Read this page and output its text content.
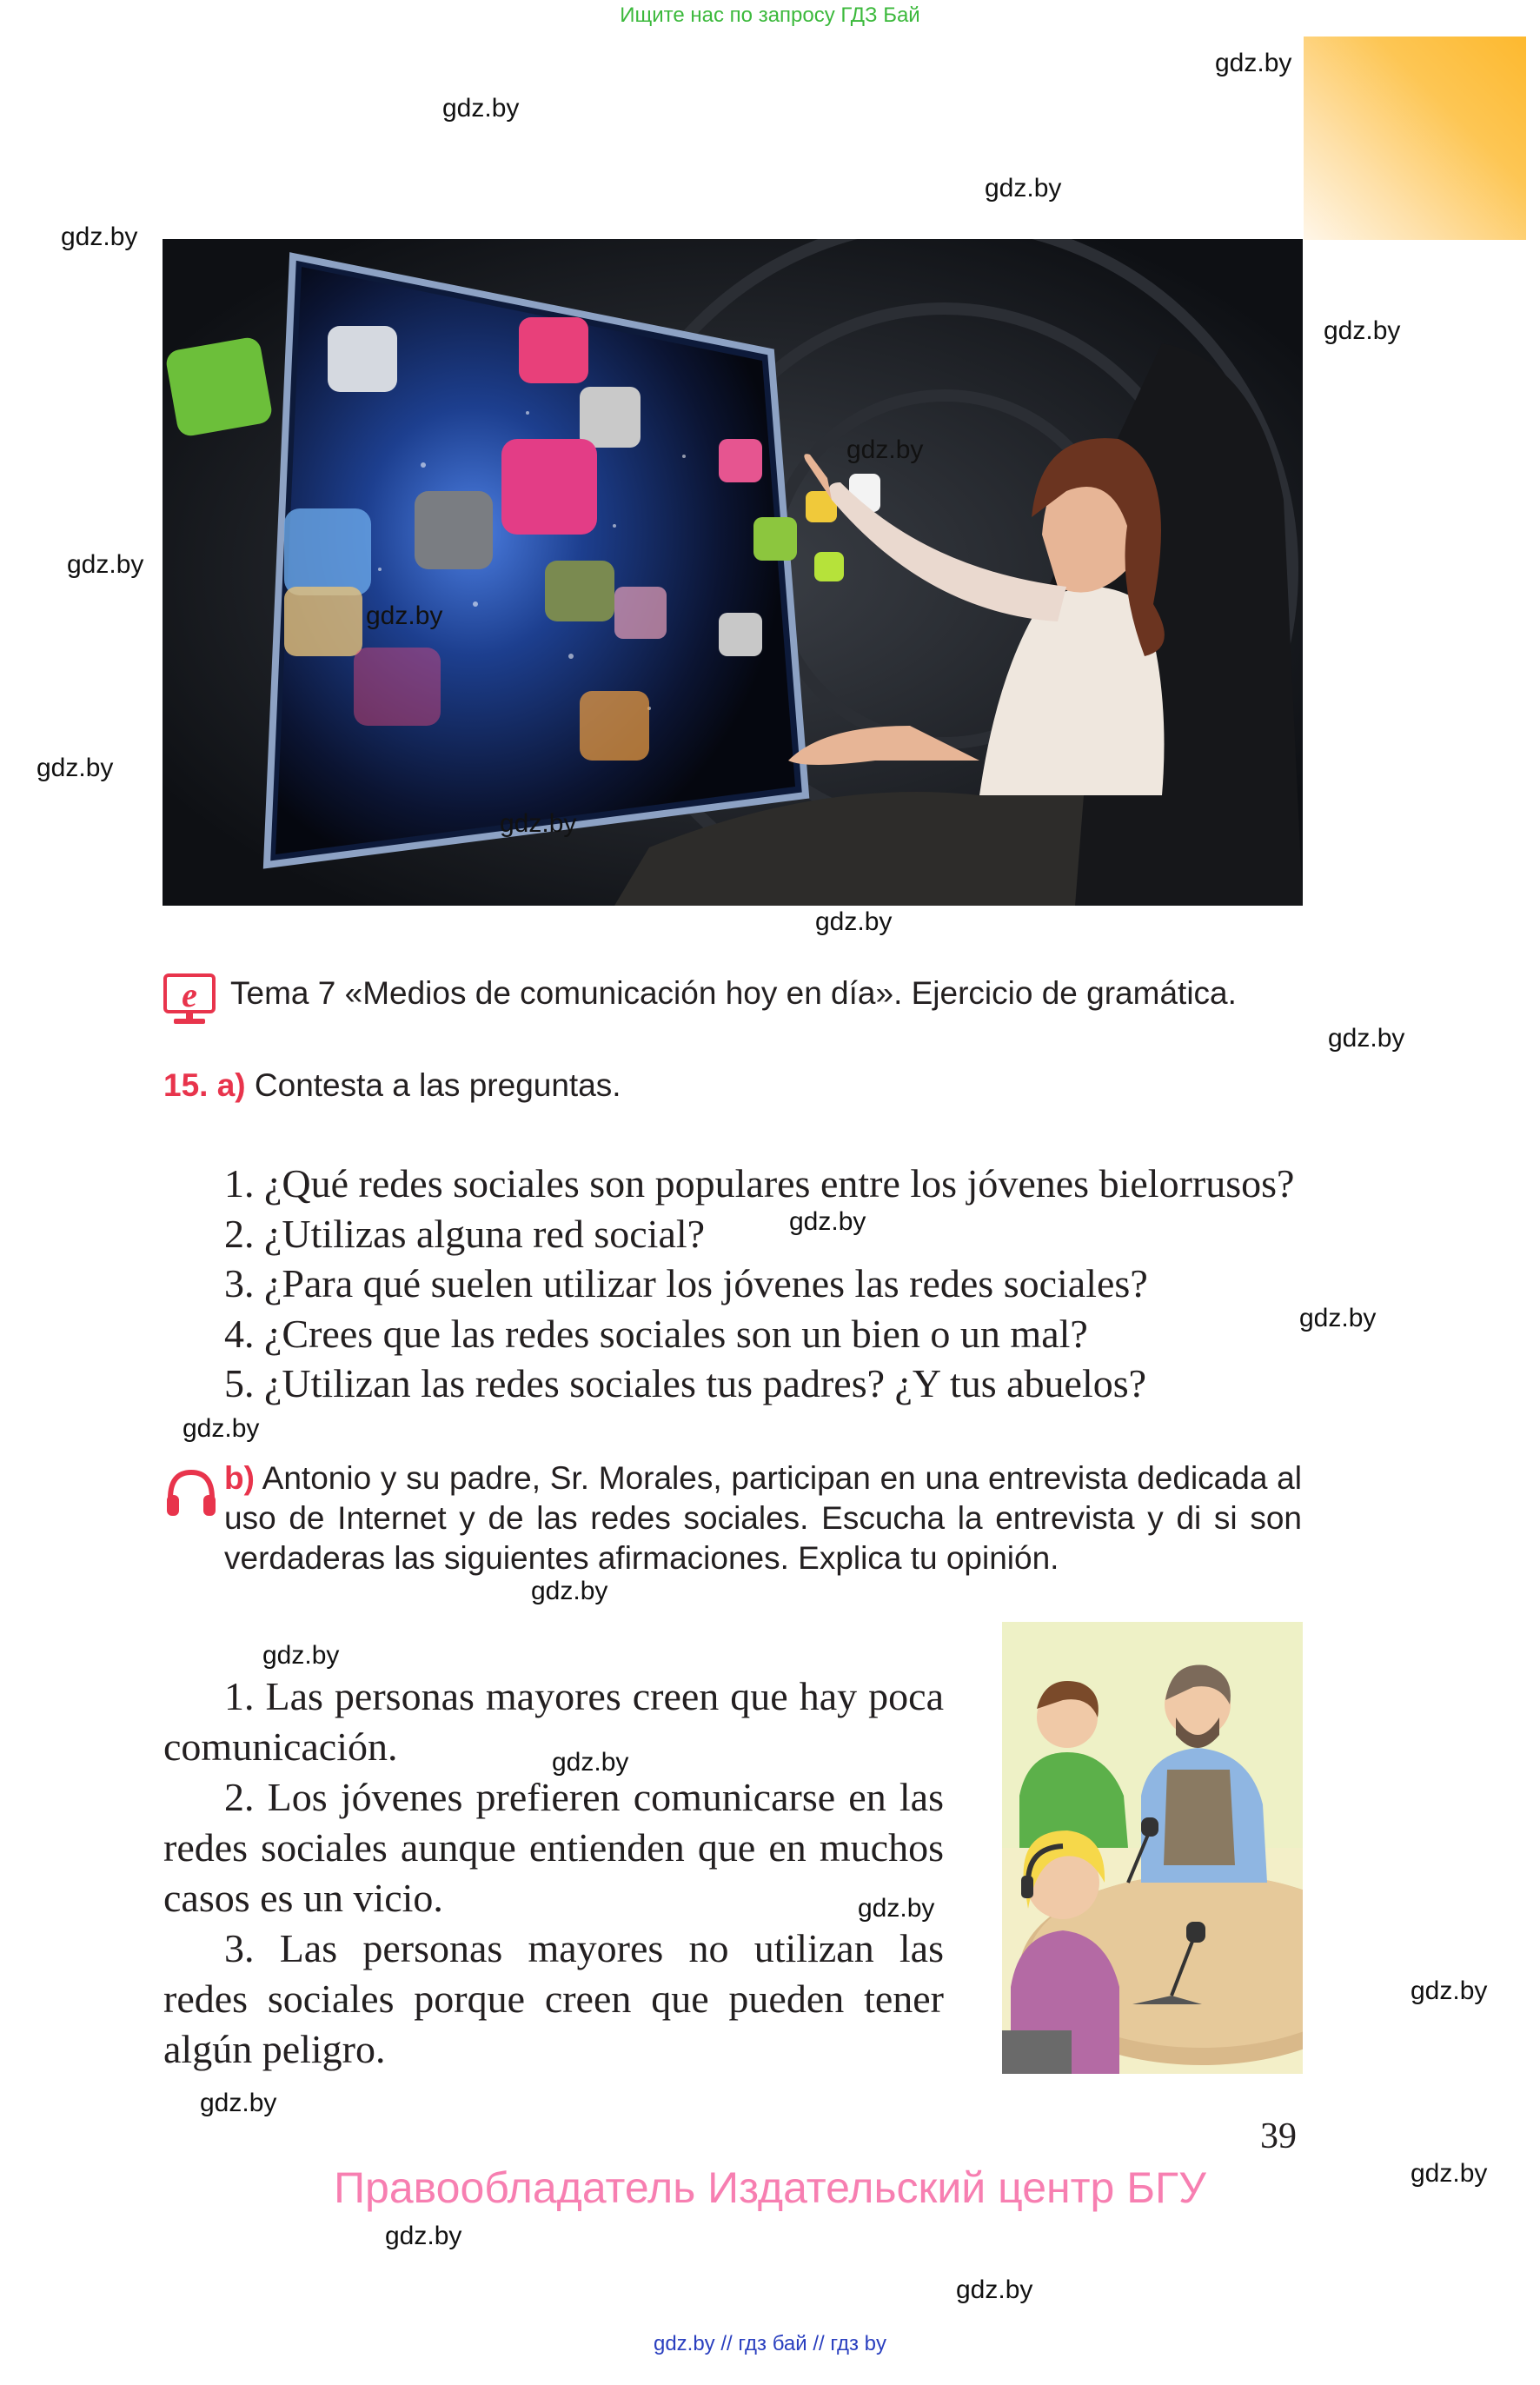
Ищите нас по запросу ГДЗ Бай
gdz.by
gdz.by
gdz.by
gdz.by
gdz.by
gdz.by
gdz.by
gdz.by
gdz.by
gdz.by
gdz.by
e Tema 7 «Medios de comunicación hoy en día». Ejercicio de gramática.
gdz.by
15. a) Contesta a las preguntas.
1. ¿Qué redes sociales son populares entre los jóvenes bielorrusos?
2. ¿Utilizas alguna red social?
3. ¿Para qué suelen utilizar los jóvenes las redes sociales?
4. ¿Crees que las redes sociales son un bien o un mal?
5. ¿Utilizan las redes sociales tus padres? ¿Y tus abuelos?
gdz.by
gdz.by
gdz.by
b) Antonio y su padre, Sr. Morales, participan en una entrevista dedicada al uso de Internet y de las redes sociales. Escucha la entrevista y di si son verdaderas las siguientes afirmaciones. Explica tu opinión.
gdz.by
gdz.by

1. Las personas mayores creen que hay poca comunicación.

2. Los jóvenes prefieren comunicarse en las redes sociales aunque entienden que en muchos casos es un vicio.

3. Las personas mayores no utilizan las redes sociales porque creen que pueden tener algún peligro.

gdz.by
gdz.by
gdz.by
gdz.by
39
gdz.by
Правообладатель Издательский центр БГУ
gdz.by
gdz.by
gdz.by // гдз бай // гдз by
